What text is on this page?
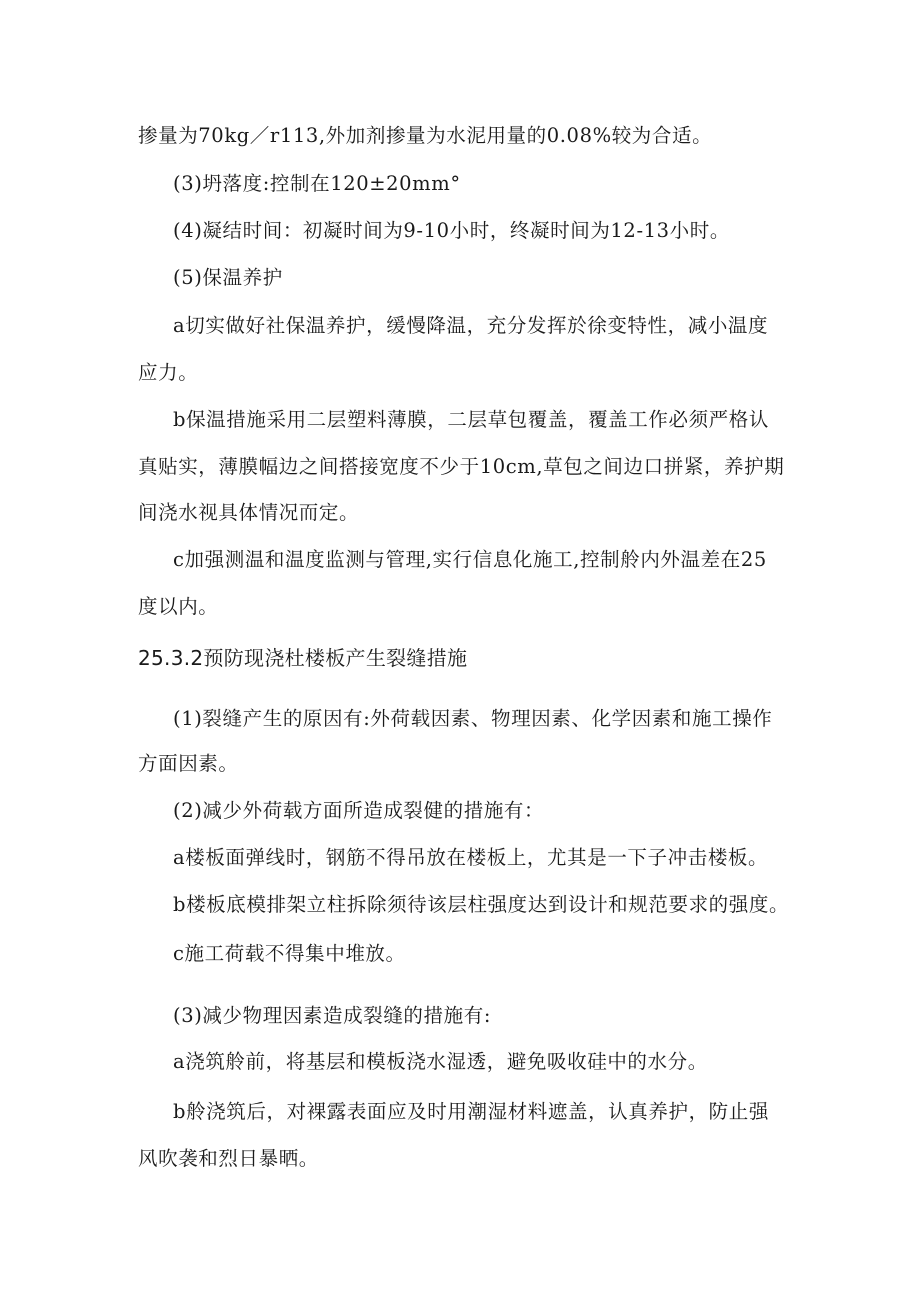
掺量为70kg／r113,外加剂掺量为水泥用量的0.08%较为合适。
(3)坍落度:控制在120±20mm°
(4)凝结时间：初凝时间为9-10小时，终凝时间为12-13小时。
(5)保温养护
a切实做好社保温养护，缓慢降温，充分发挥於徐变特性，减小温度
应力。
b保温措施采用二层塑料薄膜，二层草包覆盖，覆盖工作必须严格认
真贴实，薄膜幅边之间搭接宽度不少于10cm,草包之间边口拼紧，养护期
间浇水视具体情况而定。
c加强测温和温度监测与管理,实行信息化施工,控制舲内外温差在25
度以内。
25.3.2预防现浇杜楼板产生裂缝措施
(1)裂缝产生的原因有:外荷载因素、物理因素、化学因素和施工操作
方面因素。
(2)减少外荷载方面所造成裂健的措施有：
a楼板面弹线时，钢筋不得吊放在楼板上，尤其是一下子冲击楼板。
b楼板底模排架立柱拆除须待该层柱强度达到设计和规范要求的强度。
c施工荷载不得集中堆放。
(3)减少物理因素造成裂缝的措施有:
a浇筑舲前，将基层和模板浇水湿透，避免吸收硅中的水分。
b舲浇筑后，对裸露表面应及时用潮湿材料遮盖，认真养护，防止强
风吹袭和烈日暴晒。
